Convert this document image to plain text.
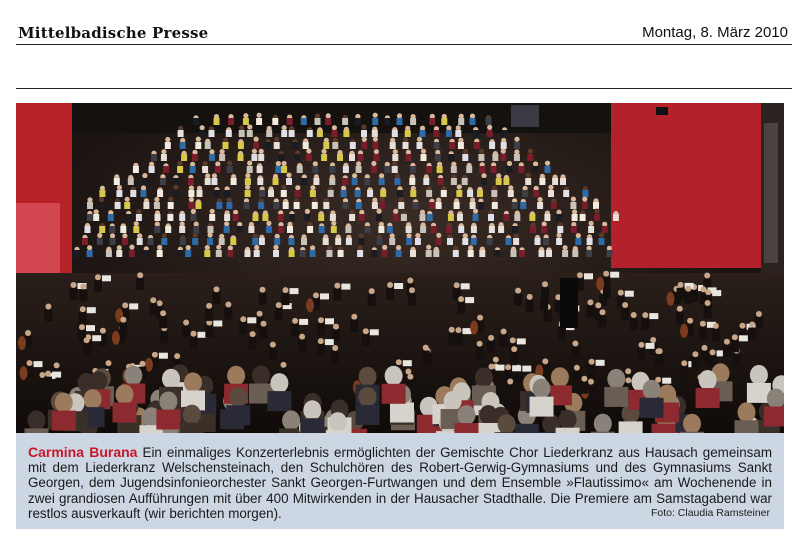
Mittelbadische Presse	Montag, 8. März 2010

Carmina Burana Ein einmaliges Konzerterlebnis ermöglichten der Gemischte Chor Liederkranz aus Hausach gemeinsam mit dem Liederkranz Welschensteinach, den Schulchören des Robert-Gerwig-Gymnasiums und des Gymnasiums Sankt Georgen, dem Jugendsinfonieorchester Sankt Georgen-Furtwangen und dem Ensemble »Flautissimo« am Wochenende in zwei grandiosen Aufführungen mit über 400 Mitwirkenden in der Hausacher Stadthalle. Die Premiere am Samstagabend war restlos ausverkauft (wir berichten morgen).	Foto: Claudia Ramsteiner
